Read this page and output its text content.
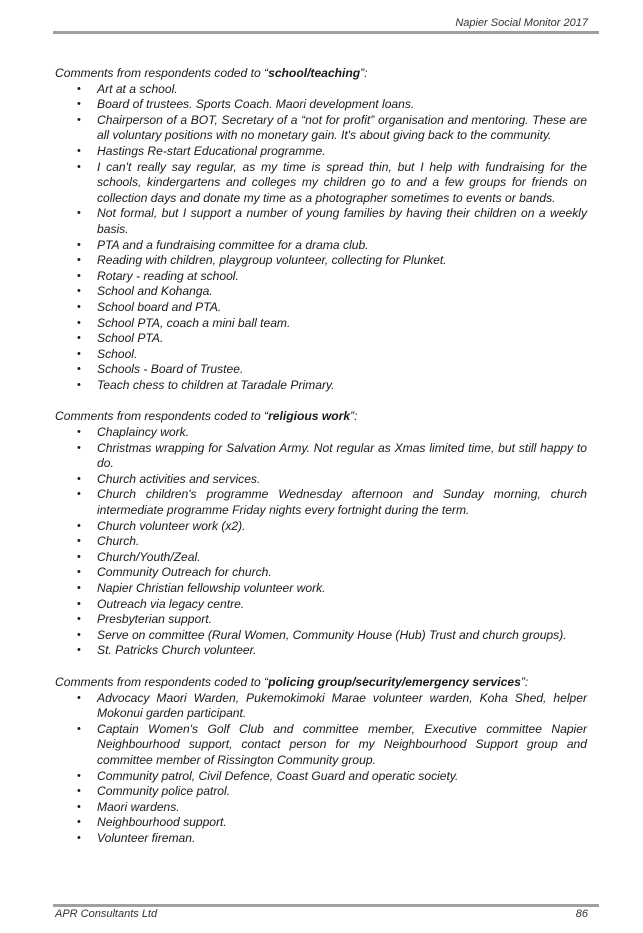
Napier Social Monitor 2017

Comments from respondents coded to “school/teaching”:

• Art at a school.
• Board of trustees. Sports Coach. Maori development loans.
• Chairperson of a BOT, Secretary of a “not for profit” organisation and mentoring. These are all voluntary positions with no monetary gain. It's about giving back to the community.
• Hastings Re-start Educational programme.
• I can't really say regular, as my time is spread thin, but I help with fundraising for the schools, kindergartens and colleges my children go to and a few groups for friends on collection days and donate my time as a photographer sometimes to events or bands.
• Not formal, but I support a number of young families by having their children on a weekly basis.
• PTA and a fundraising committee for a drama club.
• Reading with children, playgroup volunteer, collecting for Plunket.
• Rotary - reading at school.
• School and Kohanga.
• School board and PTA.
• School PTA, coach a mini ball team.
• School PTA.
• School.
• Schools - Board of Trustee.
• Teach chess to children at Taradale Primary.

Comments from respondents coded to “religious work”:

• Chaplaincy work.
• Christmas wrapping for Salvation Army. Not regular as Xmas limited time, but still happy to do.
• Church activities and services.
• Church children's programme Wednesday afternoon and Sunday morning, church intermediate programme Friday nights every fortnight during the term.
• Church volunteer work (x2).
• Church.
• Church/Youth/Zeal.
• Community Outreach for church.
• Napier Christian fellowship volunteer work.
• Outreach via legacy centre.
• Presbyterian support.
• Serve on committee (Rural Women, Community House (Hub) Trust and church groups).
• St. Patricks Church volunteer.

Comments from respondents coded to “policing group/security/emergency services”:

• Advocacy Maori Warden, Pukemokimoki Marae volunteer warden, Koha Shed, helper Mokonui garden participant.
• Captain Women's Golf Club and committee member, Executive committee Napier Neighbourhood support, contact person for my Neighbourhood Support group and committee member of Rissington Community group.
• Community patrol, Civil Defence, Coast Guard and operatic society.
• Community police patrol.
• Maori wardens.
• Neighbourhood support.
• Volunteer fireman.
APR Consultants Ltd	86
